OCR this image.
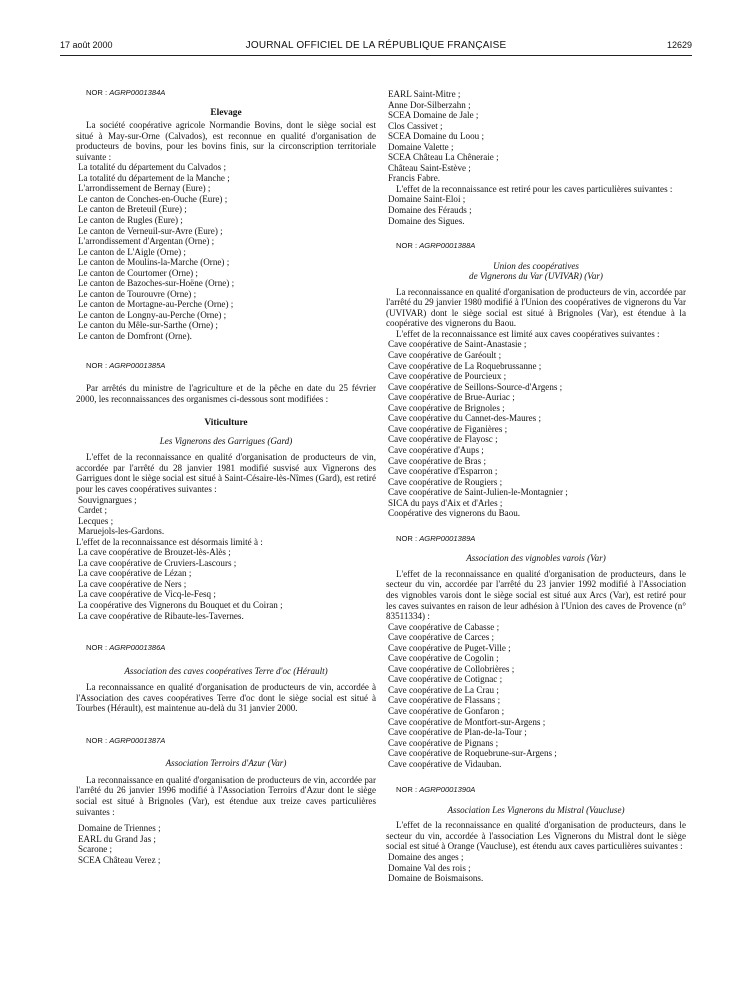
17 août 2000	JOURNAL OFFICIEL DE LA RÉPUBLIQUE FRANÇAISE	12629

NOR : AGRP0001384A

Elevage

La société coopérative agricole Normandie Bovins, dont le siège social est situé à May-sur-Orne (Calvados), est reconnue en qualité d'organisation de producteurs de bovins, pour les bovins finis, sur la circonscription territoriale suivante :

La totalité du département du Calvados ;
La totalité du département de la Manche ;
L'arrondissement de Bernay (Eure) ;
Le canton de Conches-en-Ouche (Eure) ;
Le canton de Breteuil (Eure) ;
Le canton de Rugles (Eure) ;
Le canton de Verneuil-sur-Avre (Eure) ;
L'arrondissement d'Argentan (Orne) ;
Le canton de L'Aigle (Orne) ;
Le canton de Moulins-la-Marche (Orne) ;
Le canton de Courtomer (Orne) ;
Le canton de Bazoches-sur-Hoëne (Orne) ;
Le canton de Tourouvre (Orne) ;
Le canton de Mortagne-au-Perche (Orne) ;
Le canton de Longny-au-Perche (Orne) ;
Le canton du Mêle-sur-Sarthe (Orne) ;
Le canton de Domfront (Orne).

NOR : AGRP0001385A

Par arrêtés du ministre de l'agriculture et de la pêche en date du 25 février 2000, les reconnaissances des organismes ci-dessous sont modifiées :

Viticulture
Les Vignerons des Garrigues (Gard)

L'effet de la reconnaissance en qualité d'organisation de producteurs de vin, accordée par l'arrêté du 28 janvier 1981 modifié susvisé aux Vignerons des Garrigues dont le siège social est situé à Saint-Césaire-lès-Nîmes (Gard), est retiré pour les caves coopératives suivantes :

Souvignargues ;
Cardet ;
Lecques ;
Maruejols-les-Gardons.

L'effet de la reconnaissance est désormais limité à :

La cave coopérative de Brouzet-lès-Alès ;
La cave coopérative de Cruviers-Lascours ;
La cave coopérative de Lézan ;
La cave coopérative de Ners ;
La cave coopérative de Vicq-le-Fesq ;
La coopérative des Vignerons du Bouquet et du Coiran ;
La cave coopérative de Ribaute-les-Tavernes.

NOR : AGRP0001386A

Association des caves coopératives Terre d'oc (Hérault)

La reconnaissance en qualité d'organisation de producteurs de vin, accordée à l'Association des caves coopératives Terre d'oc dont le siège social est situé à Tourbes (Hérault), est maintenue au-delà du 31 janvier 2000.

NOR : AGRP0001387A

Association Terroirs d'Azur (Var)

La reconnaissance en qualité d'organisation de producteurs de vin, accordée par l'arrêté du 26 janvier 1996 modifié à l'Association Terroirs d'Azur dont le siège social est situé à Brignoles (Var), est étendue aux treize caves particulières suivantes :

Domaine de Triennes ;
EARL du Grand Jas ;
Scarone ;
SCEA Château Verez ;
EARL Saint-Mitre ;
Anne Dor-Silberzahn ;
SCEA Domaine de Jale ;
Clos Cassivet ;
SCEA Domaine du Loou ;
Domaine Valette ;
SCEA Château La Chêneraie ;
Château Saint-Estève ;
Francis Fabre.

L'effet de la reconnaissance est retiré pour les caves particulières suivantes :

Domaine Saint-Eloi ;
Domaine des Férauds ;
Domaine des Sigues.

NOR : AGRP0001388A

Union des coopératives
de Vignerons du Var (UVIVAR) (Var)

La reconnaissance en qualité d'organisation de producteurs de vin, accordée par l'arrêté du 29 janvier 1980 modifié à l'Union des coopératives de vignerons du Var (UVIVAR) dont le siège social est situé à Brignoles (Var), est étendue à la coopérative des vignerons du Baou.

L'effet de la reconnaissance est limité aux caves coopératives suivantes :

Cave coopérative de Saint-Anastasie ;
Cave coopérative de Garéoult ;
Cave coopérative de La Roquebrussanne ;
Cave coopérative de Pourcieux ;
Cave coopérative de Seillons-Source-d'Argens ;
Cave coopérative de Brue-Auriac ;
Cave coopérative de Brignoles ;
Cave coopérative du Cannet-des-Maures ;
Cave coopérative de Figanières ;
Cave coopérative de Flayosc ;
Cave coopérative d'Aups ;
Cave coopérative de Bras ;
Cave coopérative d'Esparron ;
Cave coopérative de Rougiers ;
Cave coopérative de Saint-Julien-le-Montagnier ;
SICA du pays d'Aix et d'Arles ;
Coopérative des vignerons du Baou.

NOR : AGRP0001389A

Association des vignobles varois (Var)

L'effet de la reconnaissance en qualité d'organisation de producteurs, dans le secteur du vin, accordée par l'arrêté du 23 janvier 1992 modifié à l'Association des vignobles varois dont le siège social est situé aux Arcs (Var), est retiré pour les caves suivantes en raison de leur adhésion à l'Union des caves de Provence (n° 83511334) :

Cave coopérative de Cabasse ;
Cave coopérative de Carces ;
Cave coopérative de Puget-Ville ;
Cave coopérative de Cogolin ;
Cave coopérative de Collobrières ;
Cave coopérative de Cotignac ;
Cave coopérative de La Crau ;
Cave coopérative de Flassans ;
Cave coopérative de Gonfaron ;
Cave coopérative de Montfort-sur-Argens ;
Cave coopérative de Plan-de-la-Tour ;
Cave coopérative de Pignans ;
Cave coopérative de Roquebrune-sur-Argens ;
Cave coopérative de Vidauban.

NOR : AGRP0001390A

Association Les Vignerons du Mistral (Vaucluse)

L'effet de la reconnaissance en qualité d'organisation de producteurs, dans le secteur du vin, accordée à l'association Les Vignerons du Mistral dont le siège social est situé à Orange (Vaucluse), est étendu aux caves particulières suivantes :

Domaine des anges ;
Domaine Val des rois ;
Domaine de Boismaisons.
